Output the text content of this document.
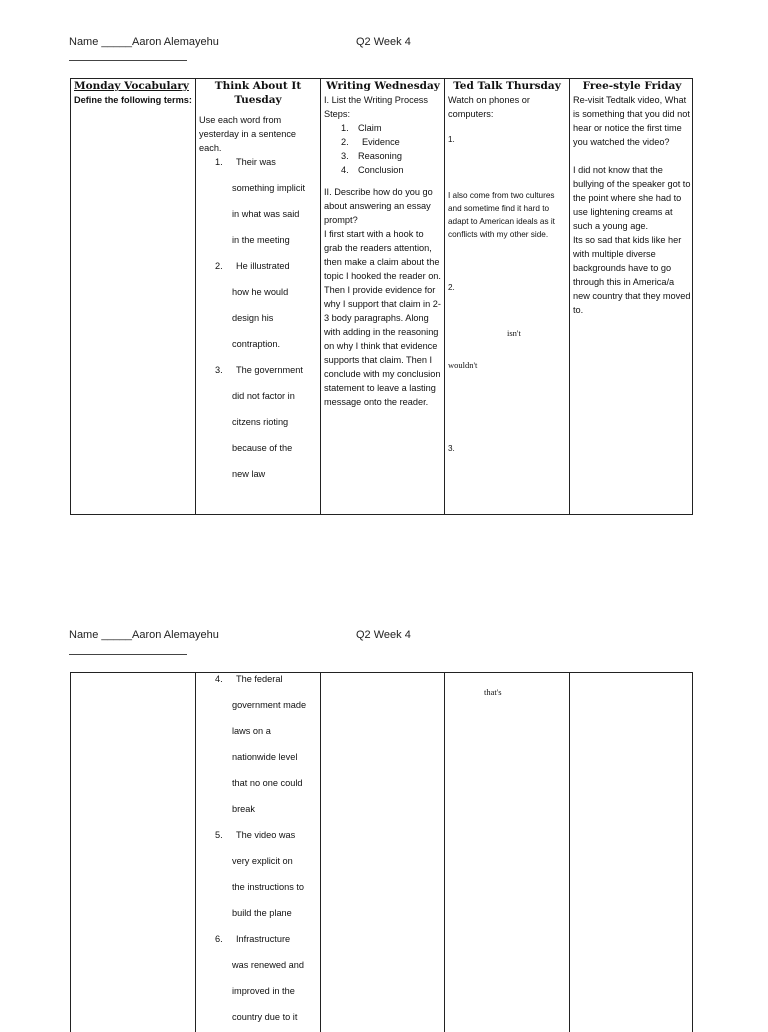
Name _____Aaron Alemayehu	Q2 Week 4
Monday Vocabulary
Define the following terms:
Think About It Tuesday
Use each word from yesterday in a sentence each.
1. Their was
something implicit
in what was said
in the meeting
2. He illustrated
how he would
design his
contraption.
3. The government
did not factor in
citzens rioting
because of the
new law
Writing Wednesday
I. List the Writing Process Steps:
1. Claim
2. Evidence
3. Reasoning
4. Conclusion
II. Describe how do you go about answering an essay prompt?
I first start with a hook to grab the readers attention, then make a claim about the topic I hooked the reader on. Then I provide evidence for why I support that claim in 2-3 body paragraphs. Along with adding in the reasoning on why I think that evidence supports that claim. Then I conclude with my conclusion statement to leave a lasting message onto the reader.
Ted Talk Thursday
Watch on phones or computers:
1.
I also come from two cultures and sometime find it hard to adapt to American ideals as it conflicts with my other side.
2.
isn't
wouldn't
3.
Free-style Friday
Re-visit Tedtalk video, What is something that you did not hear or notice the first time you watched the video?
I did not know that the bullying of the speaker got to the point where she had to use lightening creams at such a young age.
Its so sad that kids like her with multiple diverse backgrounds have to go through this in America/a new country that they moved to.
Name _____Aaron Alemayehu	Q2 Week 4
4. The federal
government made
laws on a
nationwide level
that no one could
break
5. The video was
very explicit on
the instructions to
build the plane
6. Infrastructure
was renewed and
improved in the
country due to it
that's
